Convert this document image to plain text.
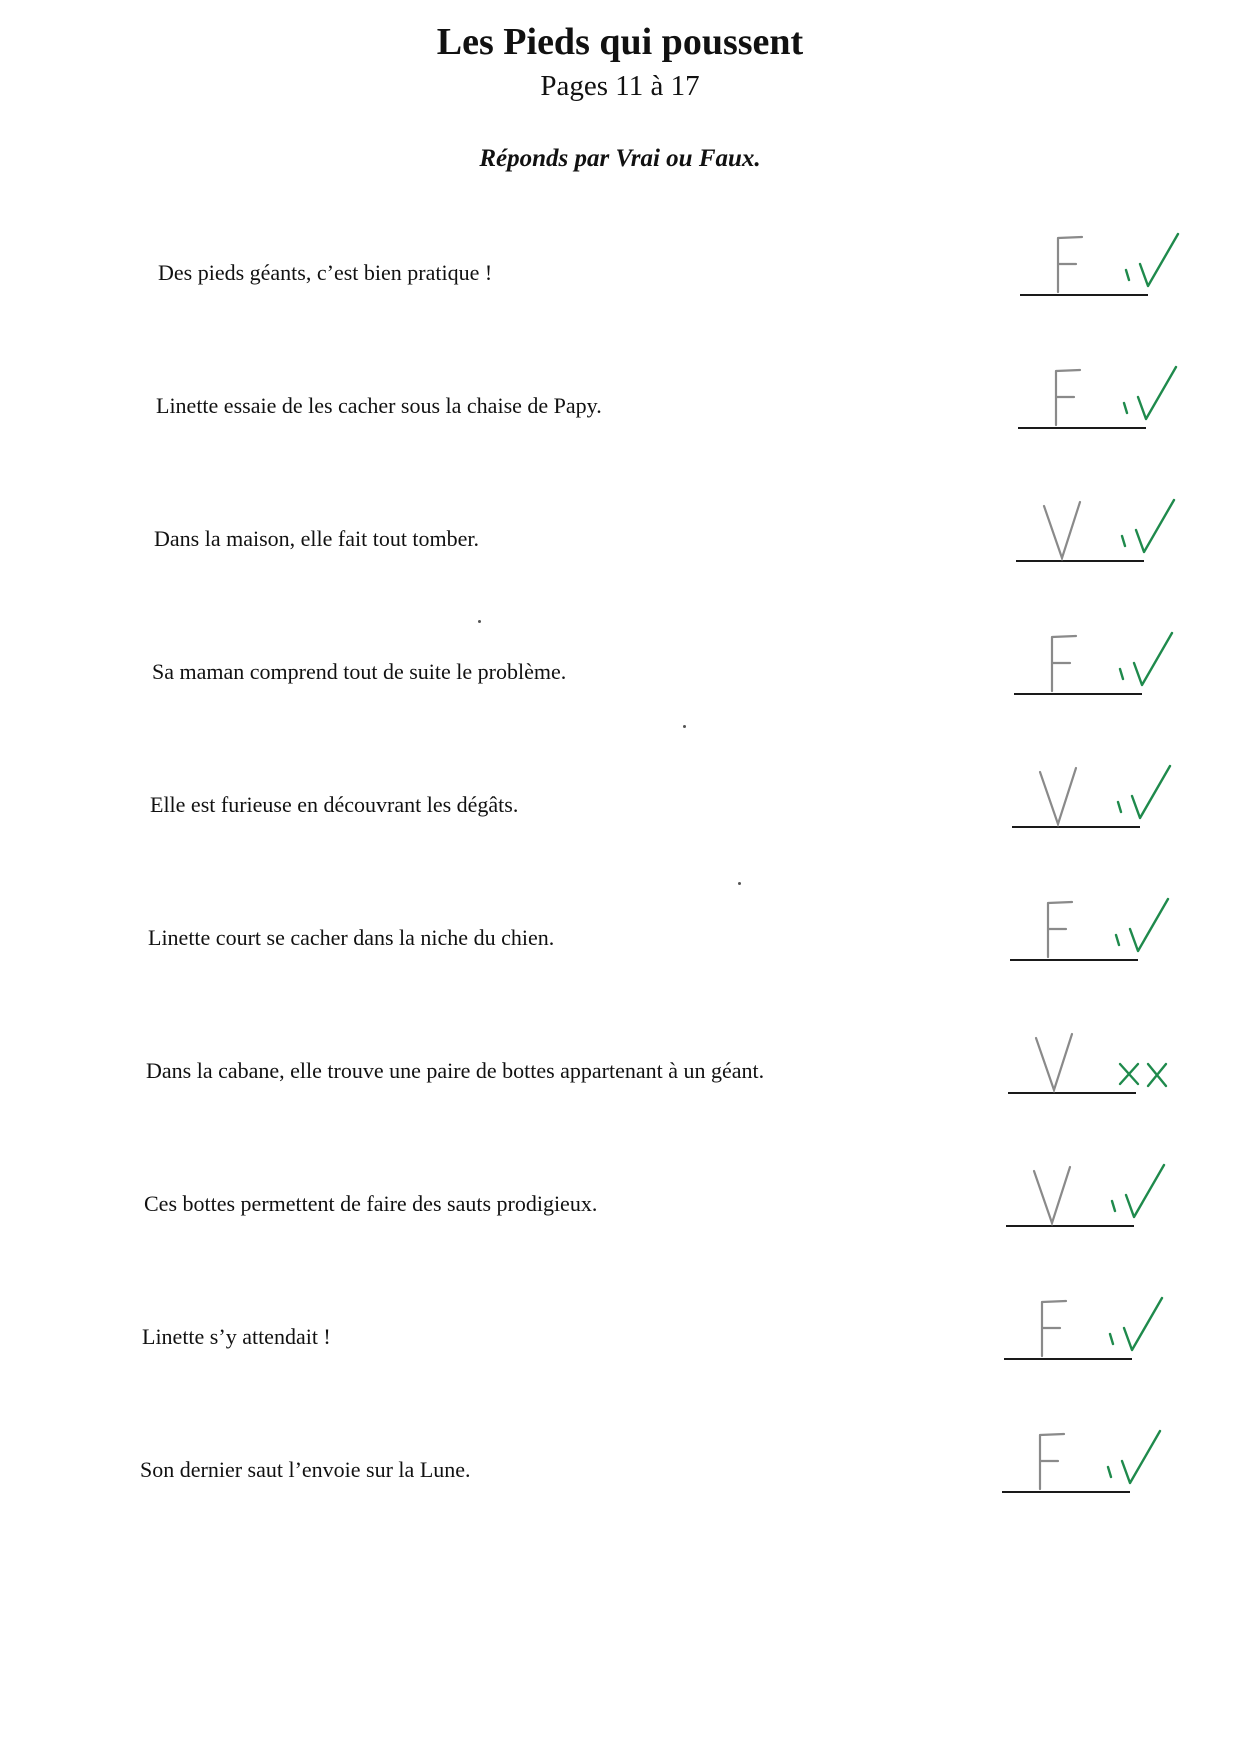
Les Pieds qui poussent
Pages 11 à 17
Réponds par Vrai ou Faux.
Des pieds géants, c’est bien pratique !
Linette essaie de les cacher sous la chaise de Papy.
Dans la maison, elle fait tout tomber.
Sa maman comprend tout de suite le problème.
Elle est furieuse en découvrant les dégâts.
Linette court se cacher dans la niche du chien.
Dans la cabane, elle trouve une paire de bottes appartenant à un géant.
Ces bottes permettent de faire des sauts prodigieux.
Linette s’y attendait !
Son dernier saut l’envoie sur la Lune.
